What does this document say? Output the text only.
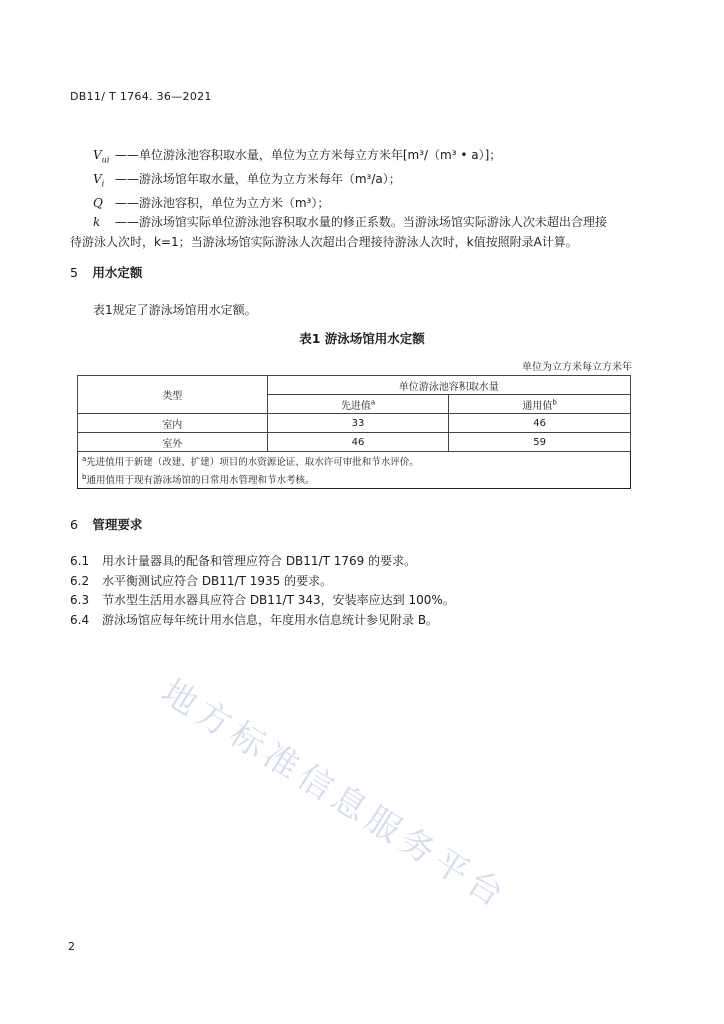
DB11/ T 1764. 36—2021
$V_{ui}$ ——单位游泳池容积取水量，单位为立方米每立方米年[m³/（m³ • a）]；
$V_i$ ——游泳场馆年取水量，单位为立方米每年（m³/a）；
Q ——游泳池容积，单位为立方米（m³）；
k ——游泳场馆实际单位游泳池容积取水量的修正系数。当游泳场馆实际游泳人次未超出合理接
待游泳人次时，k=1；当游泳场馆实际游泳人次超出合理接待游泳人次时，k值按照附录A计算。
5 用水定额
表1规定了游泳场馆用水定额。
表1 游泳场馆用水定额
单位为立方米每立方米年
类型	单位游泳池容积取水量	
	先进值$^a$	通用值$^b$
室内	33	46
室外	46	59
$^a$先进值用于新建（改建、扩建）项目的水资源论证、取水许可审批和节水评价。		
$^b$通用值用于现有游泳场馆的日常用水管理和节水考核。		
6 管理要求
6.1 用水计量器具的配备和管理应符合 DB11/T 1769 的要求。
6.2 水平衡测试应符合 DB11/T 1935 的要求。
6.3 节水型生活用水器具应符合 DB11/T 343，安装率应达到 100%。
6.4 游泳场馆应每年统计用水信息，年度用水信息统计参见附录 B。
地方标准信息服务平台
2
